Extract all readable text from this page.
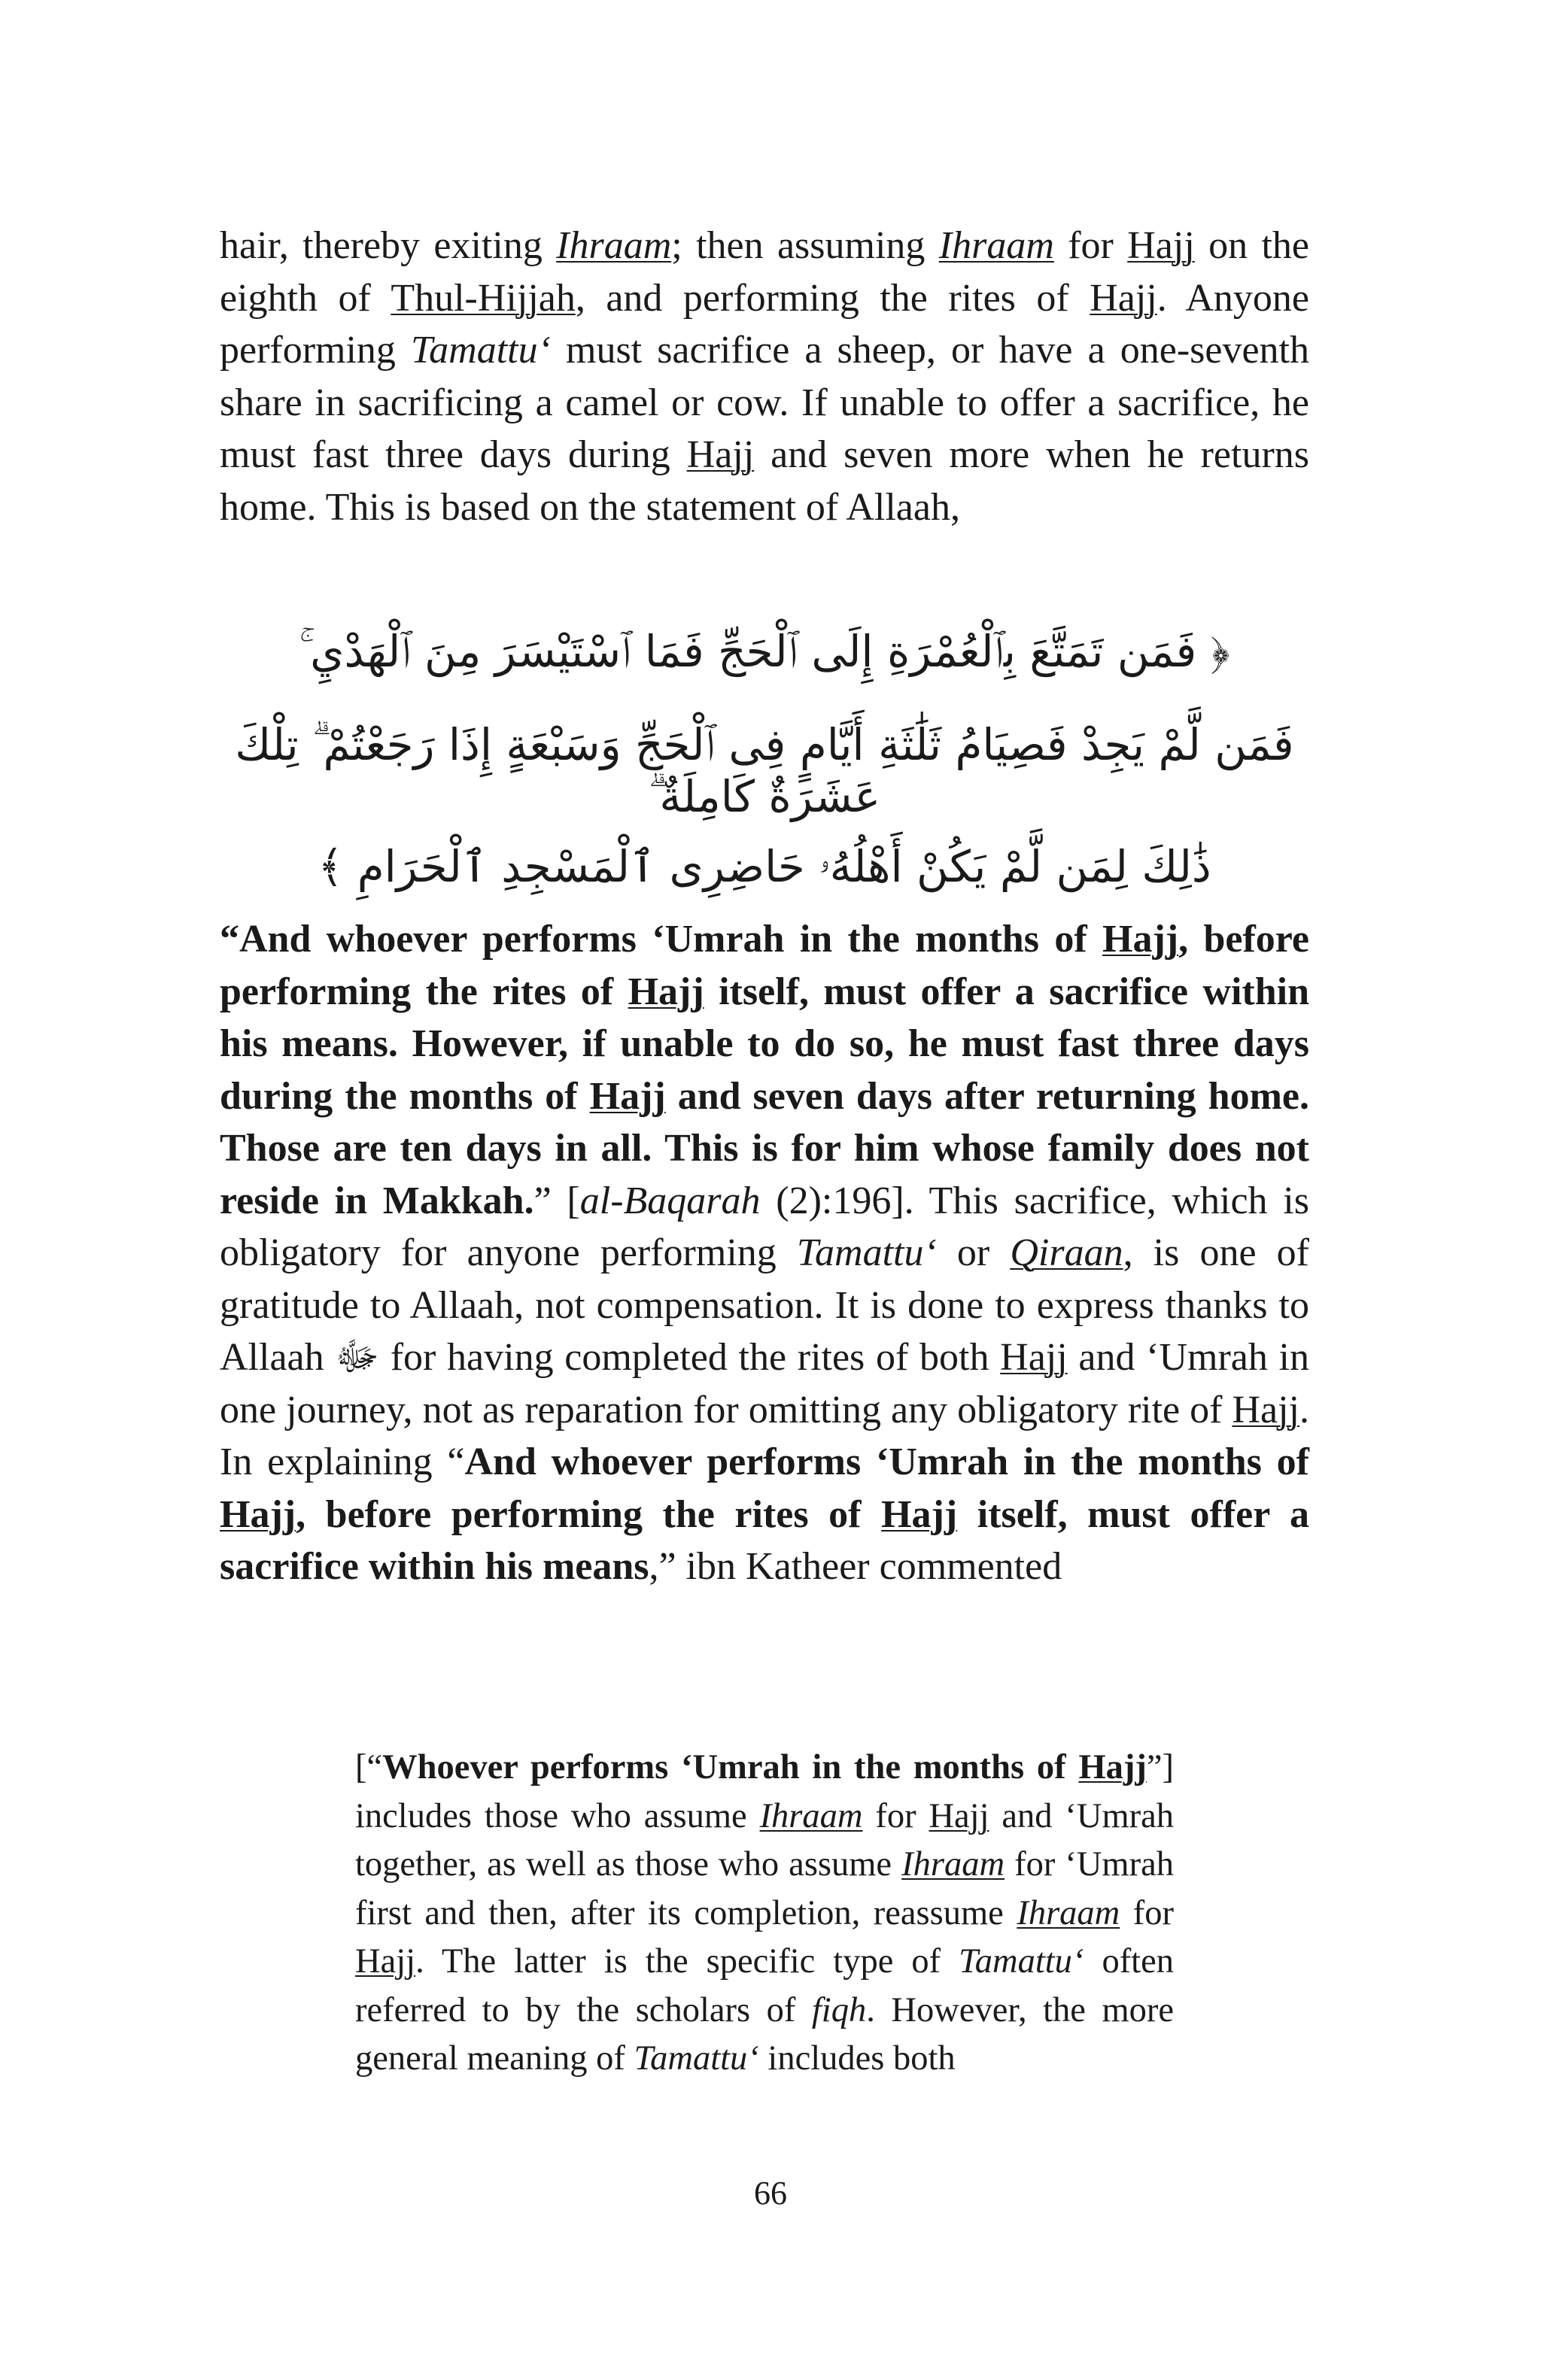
hair, thereby exiting Ihraam; then assuming Ihraam for Hajj on the eighth of Thul-Hijjah, and performing the rites of Hajj. Anyone performing Tamattu‘ must sacrifice a sheep, or have a one-seventh share in sacrificing a camel or cow. If unable to offer a sacrifice, he must fast three days during Hajj and seven more when he returns home. This is based on the statement of Allaah,
﴿ فَمَن تَمَتَّعَ بِٱلْعُمْرَةِ إِلَى ٱلْحَجِّ فَمَا ٱسْتَيْسَرَ مِنَ ٱلْهَدْيِ ۚ
فَمَن لَّمْ يَجِدْ فَصِيَامُ ثَلَٰثَةِ أَيَّامٍ فِى ٱلْحَجِّ وَسَبْعَةٍ إِذَا رَجَعْتُمْ ۗ تِلْكَ عَشَرَةٌ كَامِلَةٌ ۗ
ذَٰلِكَ لِمَن لَّمْ يَكُنْ أَهْلُهُۥ حَاضِرِى ٱلْمَسْجِدِ ٱلْحَرَامِ ﴾
“And whoever performs ‘Umrah in the months of Hajj, before performing the rites of Hajj itself, must offer a sacrifice within his means. However, if unable to do so, he must fast three days during the months of Hajj and seven days after returning home. Those are ten days in all. This is for him whose family does not reside in Makkah.” [al-Baqarah (2):196]. This sacrifice, which is obligatory for anyone performing Tamattu‘ or Qiraan, is one of gratitude to Allaah, not compensation. It is done to express thanks to Allaah ﷻ for having completed the rites of both Hajj and ‘Umrah in one journey, not as reparation for omitting any obligatory rite of Hajj. In explaining “And whoever performs ‘Umrah in the months of Hajj, before performing the rites of Hajj itself, must offer a sacrifice within his means,” ibn Katheer commented
[“Whoever performs ‘Umrah in the months of Hajj”] includes those who assume Ihraam for Hajj and ‘Umrah together, as well as those who assume Ihraam for ‘Umrah first and then, after its completion, reassume Ihraam for Hajj. The latter is the specific type of Tamattu‘ often referred to by the scholars of fiqh. However, the more general meaning of Tamattu‘ includes both
66
